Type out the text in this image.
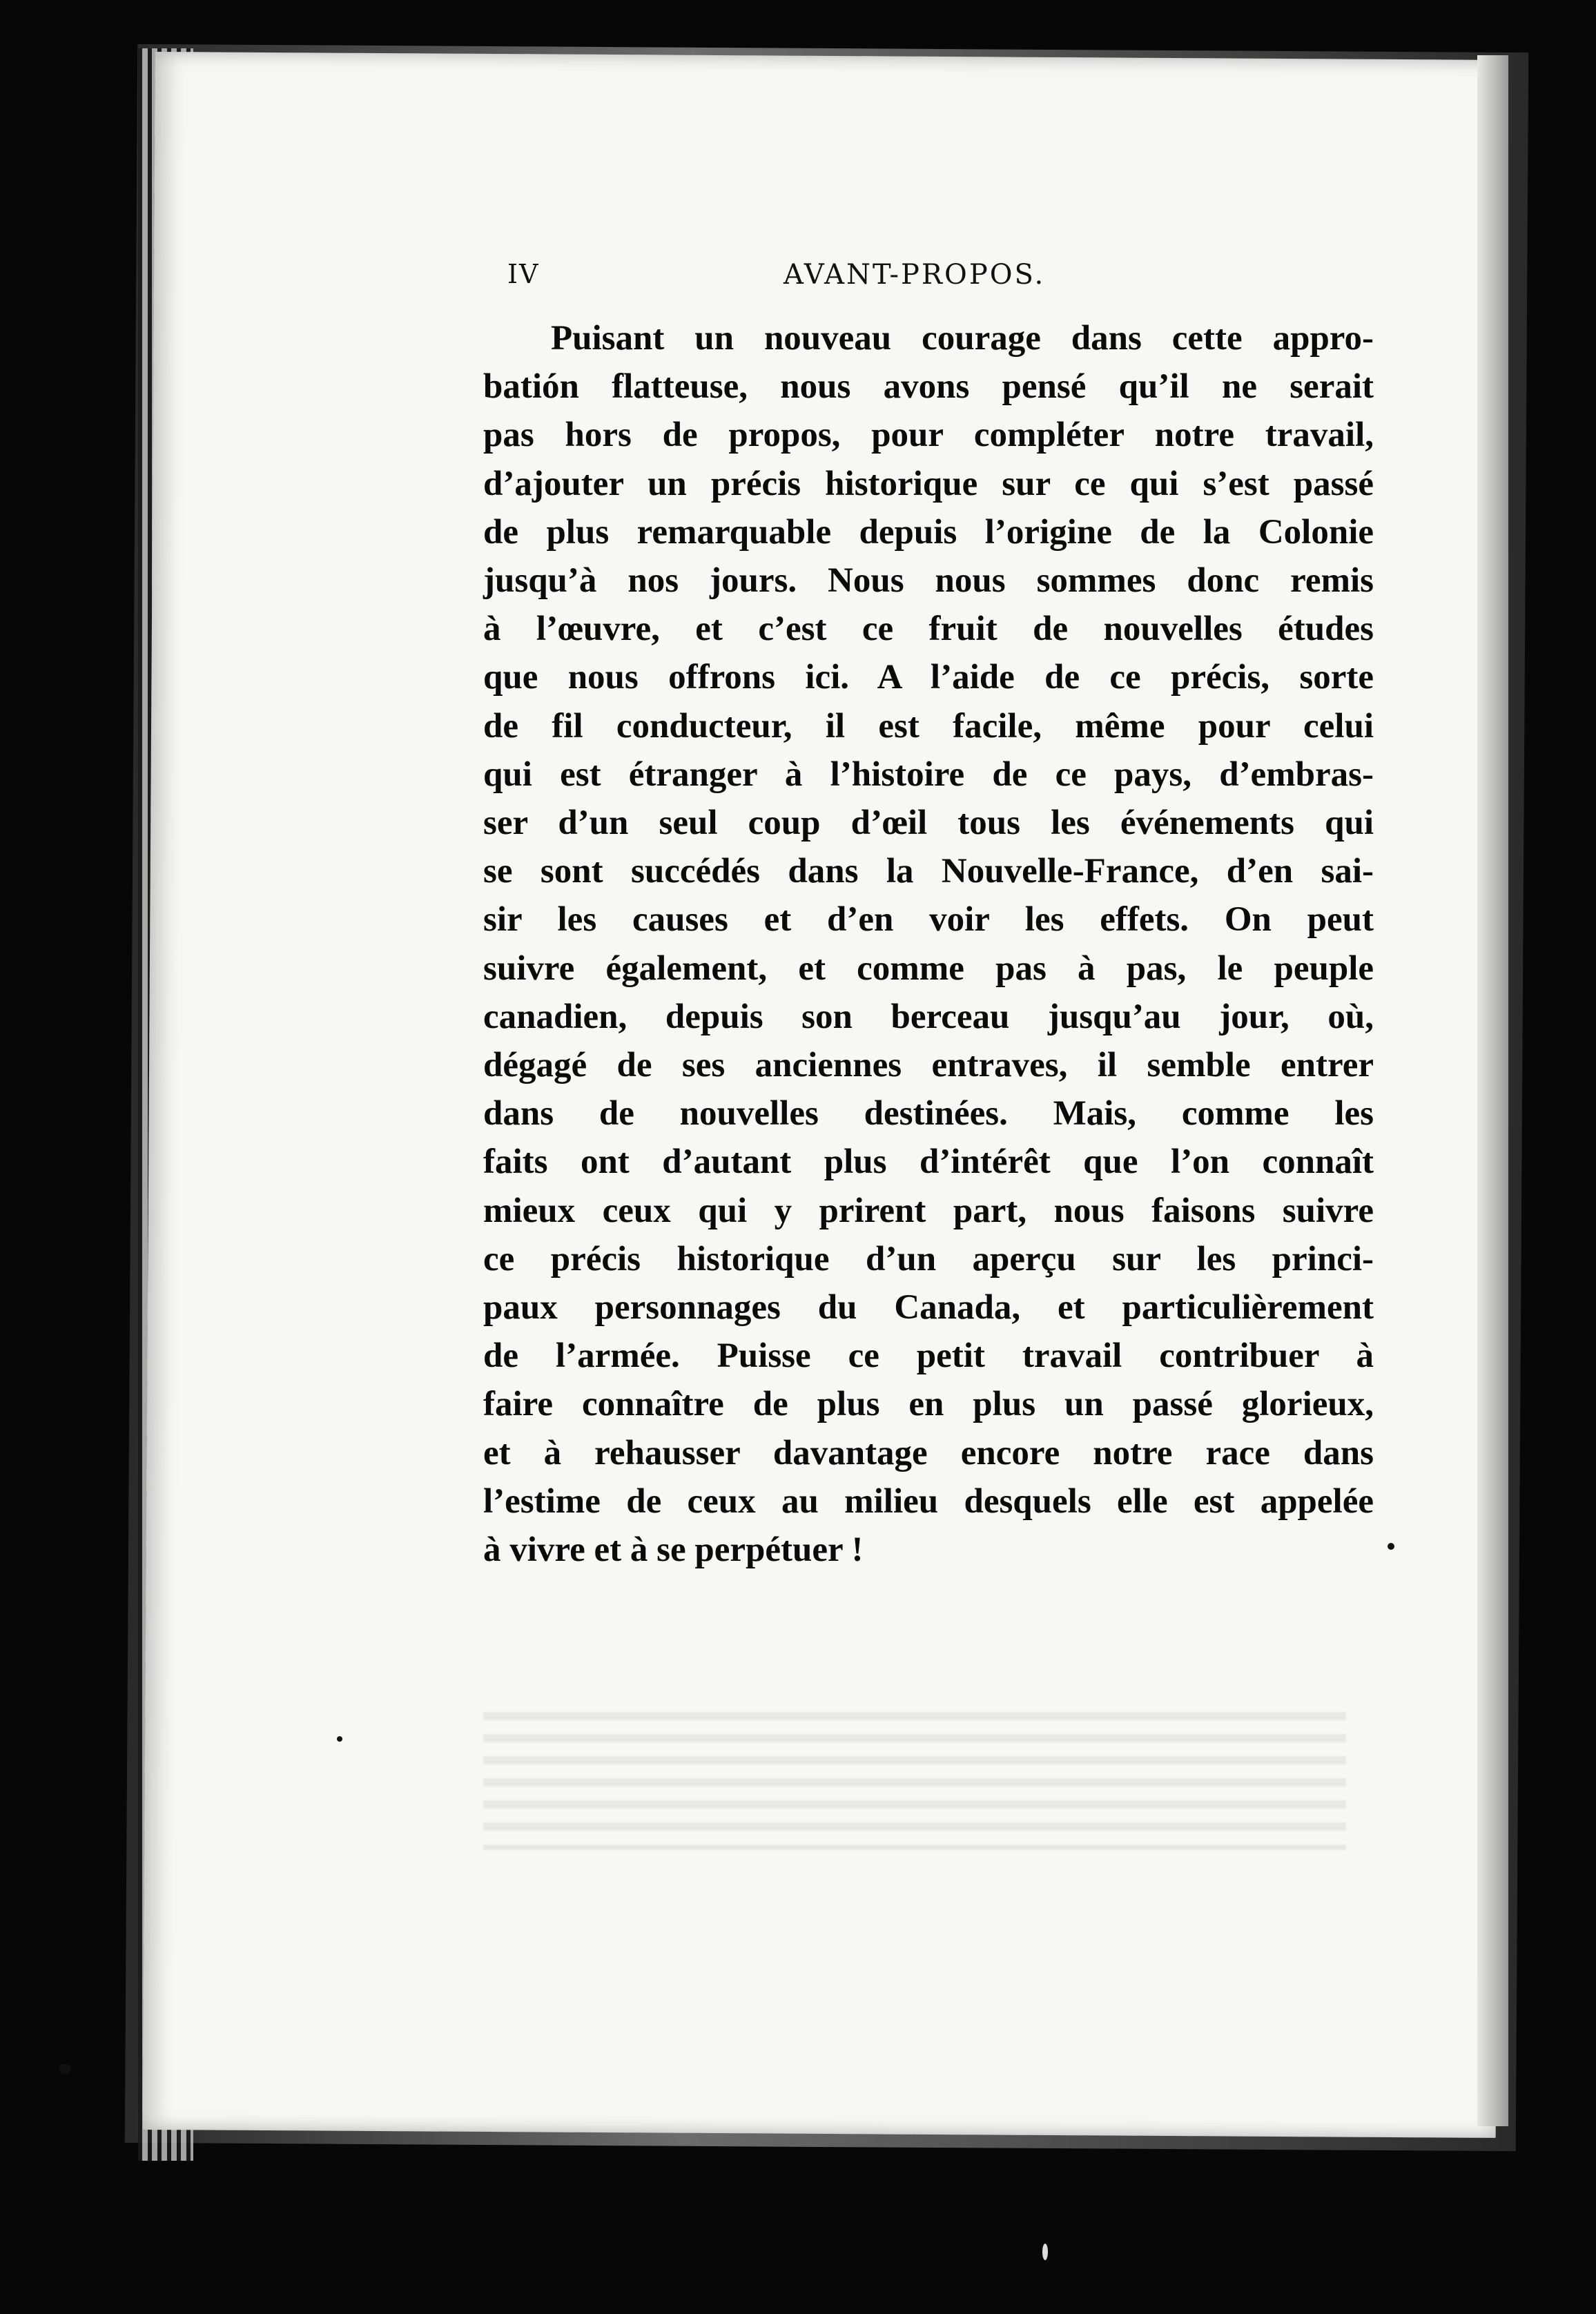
IV	AVANT-PROPOS.

Puisant un nouveau courage dans cette appro-
batión flatteuse, nous avons pensé qu’il ne serait
pas hors de propos, pour compléter notre travail,
d’ajouter un précis historique sur ce qui s’est passé
de plus remarquable depuis l’origine de la Colonie
jusqu’à nos jours. Nous nous sommes donc remis
à l’œuvre, et c’est ce fruit de nouvelles études
que nous offrons ici. A l’aide de ce précis, sorte
de fil conducteur, il est facile, même pour celui
qui est étranger à l’histoire de ce pays, d’embras-
ser d’un seul coup d’œil tous les événements qui
se sont succédés dans la Nouvelle-France, d’en sai-
sir les causes et d’en voir les effets. On peut
suivre également, et comme pas à pas, le peuple
canadien, depuis son berceau jusqu’au jour, où,
dégagé de ses anciennes entraves, il semble entrer
dans de nouvelles destinées. Mais, comme les
faits ont d’autant plus d’intérêt que l’on connaît
mieux ceux qui y prirent part, nous faisons suivre
ce précis historique d’un aperçu sur les princi-
paux personnages du Canada, et particulièrement
de l’armée. Puisse ce petit travail contribuer à
faire connaître de plus en plus un passé glorieux,
et à rehausser davantage encore notre race dans
l’estime de ceux au milieu desquels elle est appelée
à vivre et à se perpétuer !
